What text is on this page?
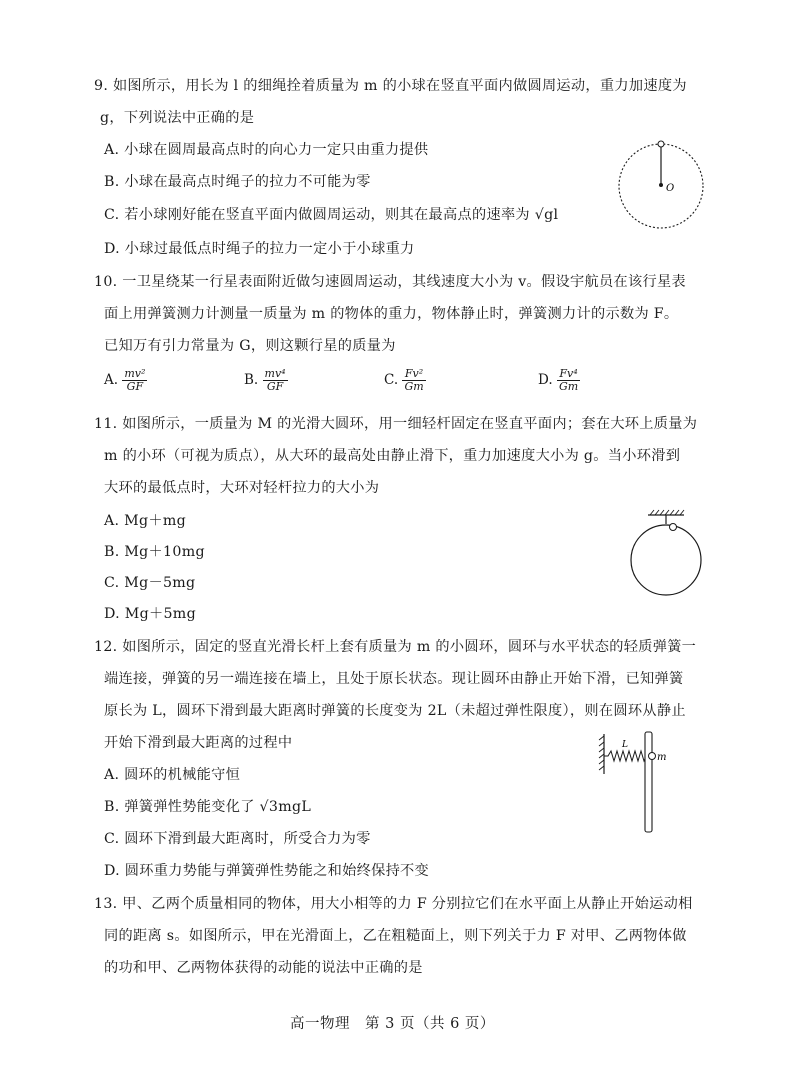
9. 如图所示，用长为 l 的细绳拴着质量为 m 的小球在竖直平面内做圆周运动，重力加速度为
g，下列说法中正确的是
A. 小球在圆周最高点时的向心力一定只由重力提供
B. 小球在最高点时绳子的拉力不可能为零
C. 若小球刚好能在竖直平面内做圆周运动，则其在最高点的速率为 √gl
D. 小球过最低点时绳子的拉力一定小于小球重力
O
10. 一卫星绕某一行星表面附近做匀速圆周运动，其线速度大小为 v。假设宇航员在该行星表
面上用弹簧测力计测量一质量为 m 的物体的重力，物体静止时，弹簧测力计的示数为 F。
已知万有引力常量为 G，则这颗行星的质量为
A. $\frac{\text{mv²}}{GF}$	B. $\frac{\text{mv⁴}}{GF}$	C. $\frac{\text{Fv²}}{Gm}$	D. $\frac{\text{Fv⁴}}{Gm}$
11. 如图所示，一质量为 M 的光滑大圆环，用一细轻杆固定在竖直平面内；套在大环上质量为
m 的小环（可视为质点），从大环的最高处由静止滑下，重力加速度大小为 g。当小环滑到
大环的最低点时，大环对轻杆拉力的大小为
A. Mg＋mg
B. Mg＋10mg
C. Mg－5mg
D. Mg＋5mg
12. 如图所示，固定的竖直光滑长杆上套有质量为 m 的小圆环，圆环与水平状态的轻质弹簧一
端连接，弹簧的另一端连接在墙上，且处于原长状态。现让圆环由静止开始下滑，已知弹簧
原长为 L，圆环下滑到最大距离时弹簧的长度变为 2L（未超过弹性限度），则在圆环从静止
开始下滑到最大距离的过程中
A. 圆环的机械能守恒
B. 弹簧弹性势能变化了 √3mgL
C. 圆环下滑到最大距离时，所受合力为零
D. 圆环重力势能与弹簧弹性势能之和始终保持不变
L
m
13. 甲、乙两个质量相同的物体，用大小相等的力 F 分别拉它们在水平面上从静止开始运动相
同的距离 s。如图所示，甲在光滑面上，乙在粗糙面上，则下列关于力 F 对甲、乙两物体做
的功和甲、乙两物体获得的动能的说法中正确的是
高一物理　第 3 页（共 6 页）
